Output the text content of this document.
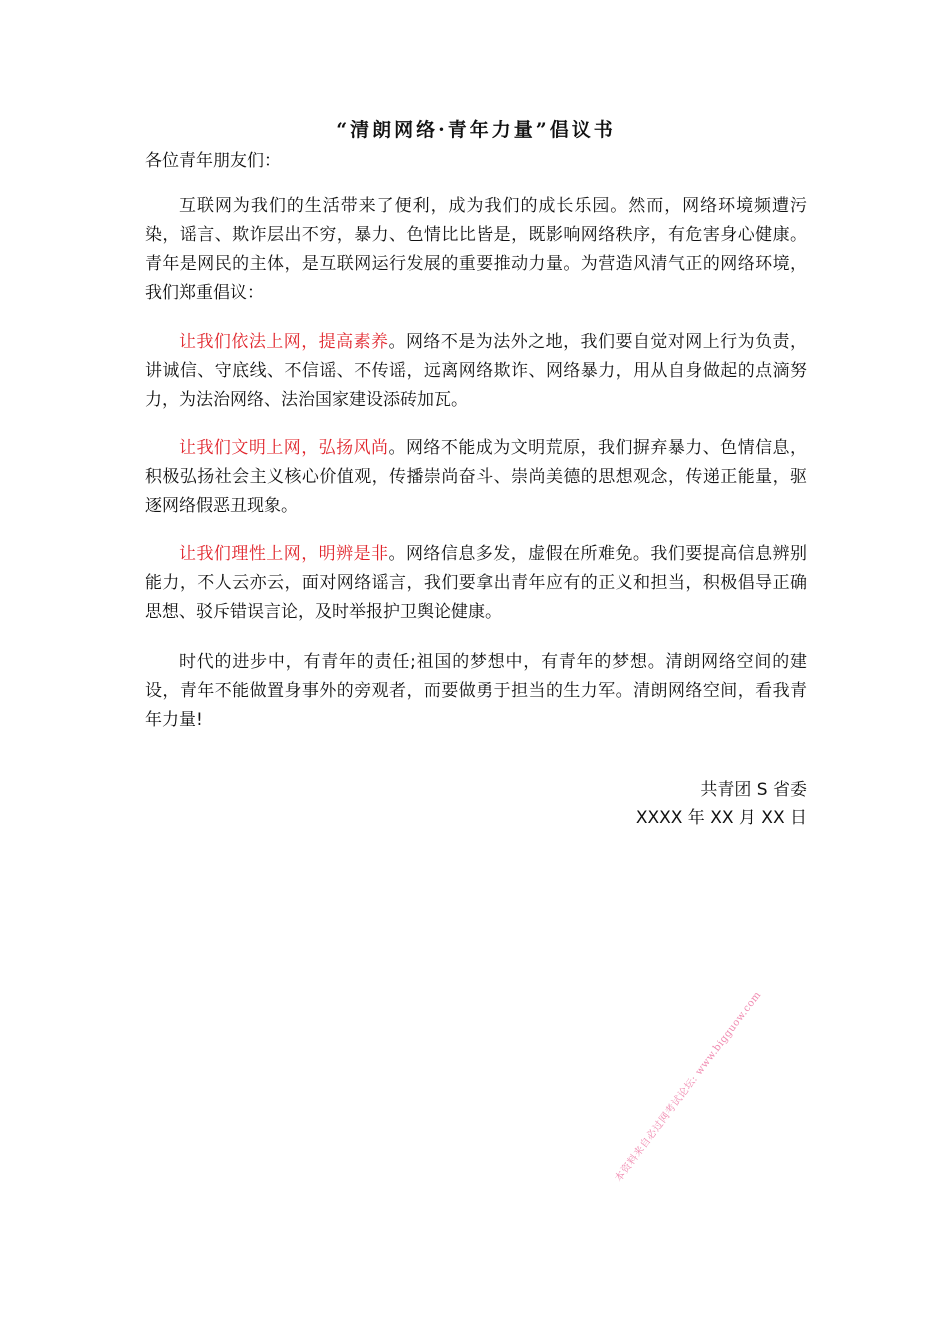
“清朗网络·青年力量”倡议书

各位青年朋友们：

互联网为我们的生活带来了便利，成为我们的成长乐园。然而，网络环境频遭污染，谣言、欺诈层出不穷，暴力、色情比比皆是，既影响网络秩序，有危害身心健康。青年是网民的主体，是互联网运行发展的重要推动力量。为营造风清气正的网络环境，我们郑重倡议：

让我们依法上网，提高素养。网络不是为法外之地，我们要自觉对网上行为负责，讲诚信、守底线、不信谣、不传谣，远离网络欺诈、网络暴力，用从自身做起的点滴努力，为法治网络、法治国家建设添砖加瓦。

让我们文明上网，弘扬风尚。网络不能成为文明荒原，我们摒弃暴力、色情信息，积极弘扬社会主义核心价值观，传播崇尚奋斗、崇尚美德的思想观念，传递正能量，驱逐网络假恶丑现象。

让我们理性上网，明辨是非。网络信息多发，虚假在所难免。我们要提高信息辨别能力，不人云亦云，面对网络谣言，我们要拿出青年应有的正义和担当，积极倡导正确思想、驳斥错误言论，及时举报护卫舆论健康。

时代的进步中，有青年的责任;祖国的梦想中，有青年的梦想。清朗网络空间的建设，青年不能做置身事外的旁观者，而要做勇于担当的生力军。清朗网络空间，看我青年力量!

共青团 S 省委
XXXX 年 XX 月 XX 日
本资料来自必过网考试论坛: www.bigguow.com
